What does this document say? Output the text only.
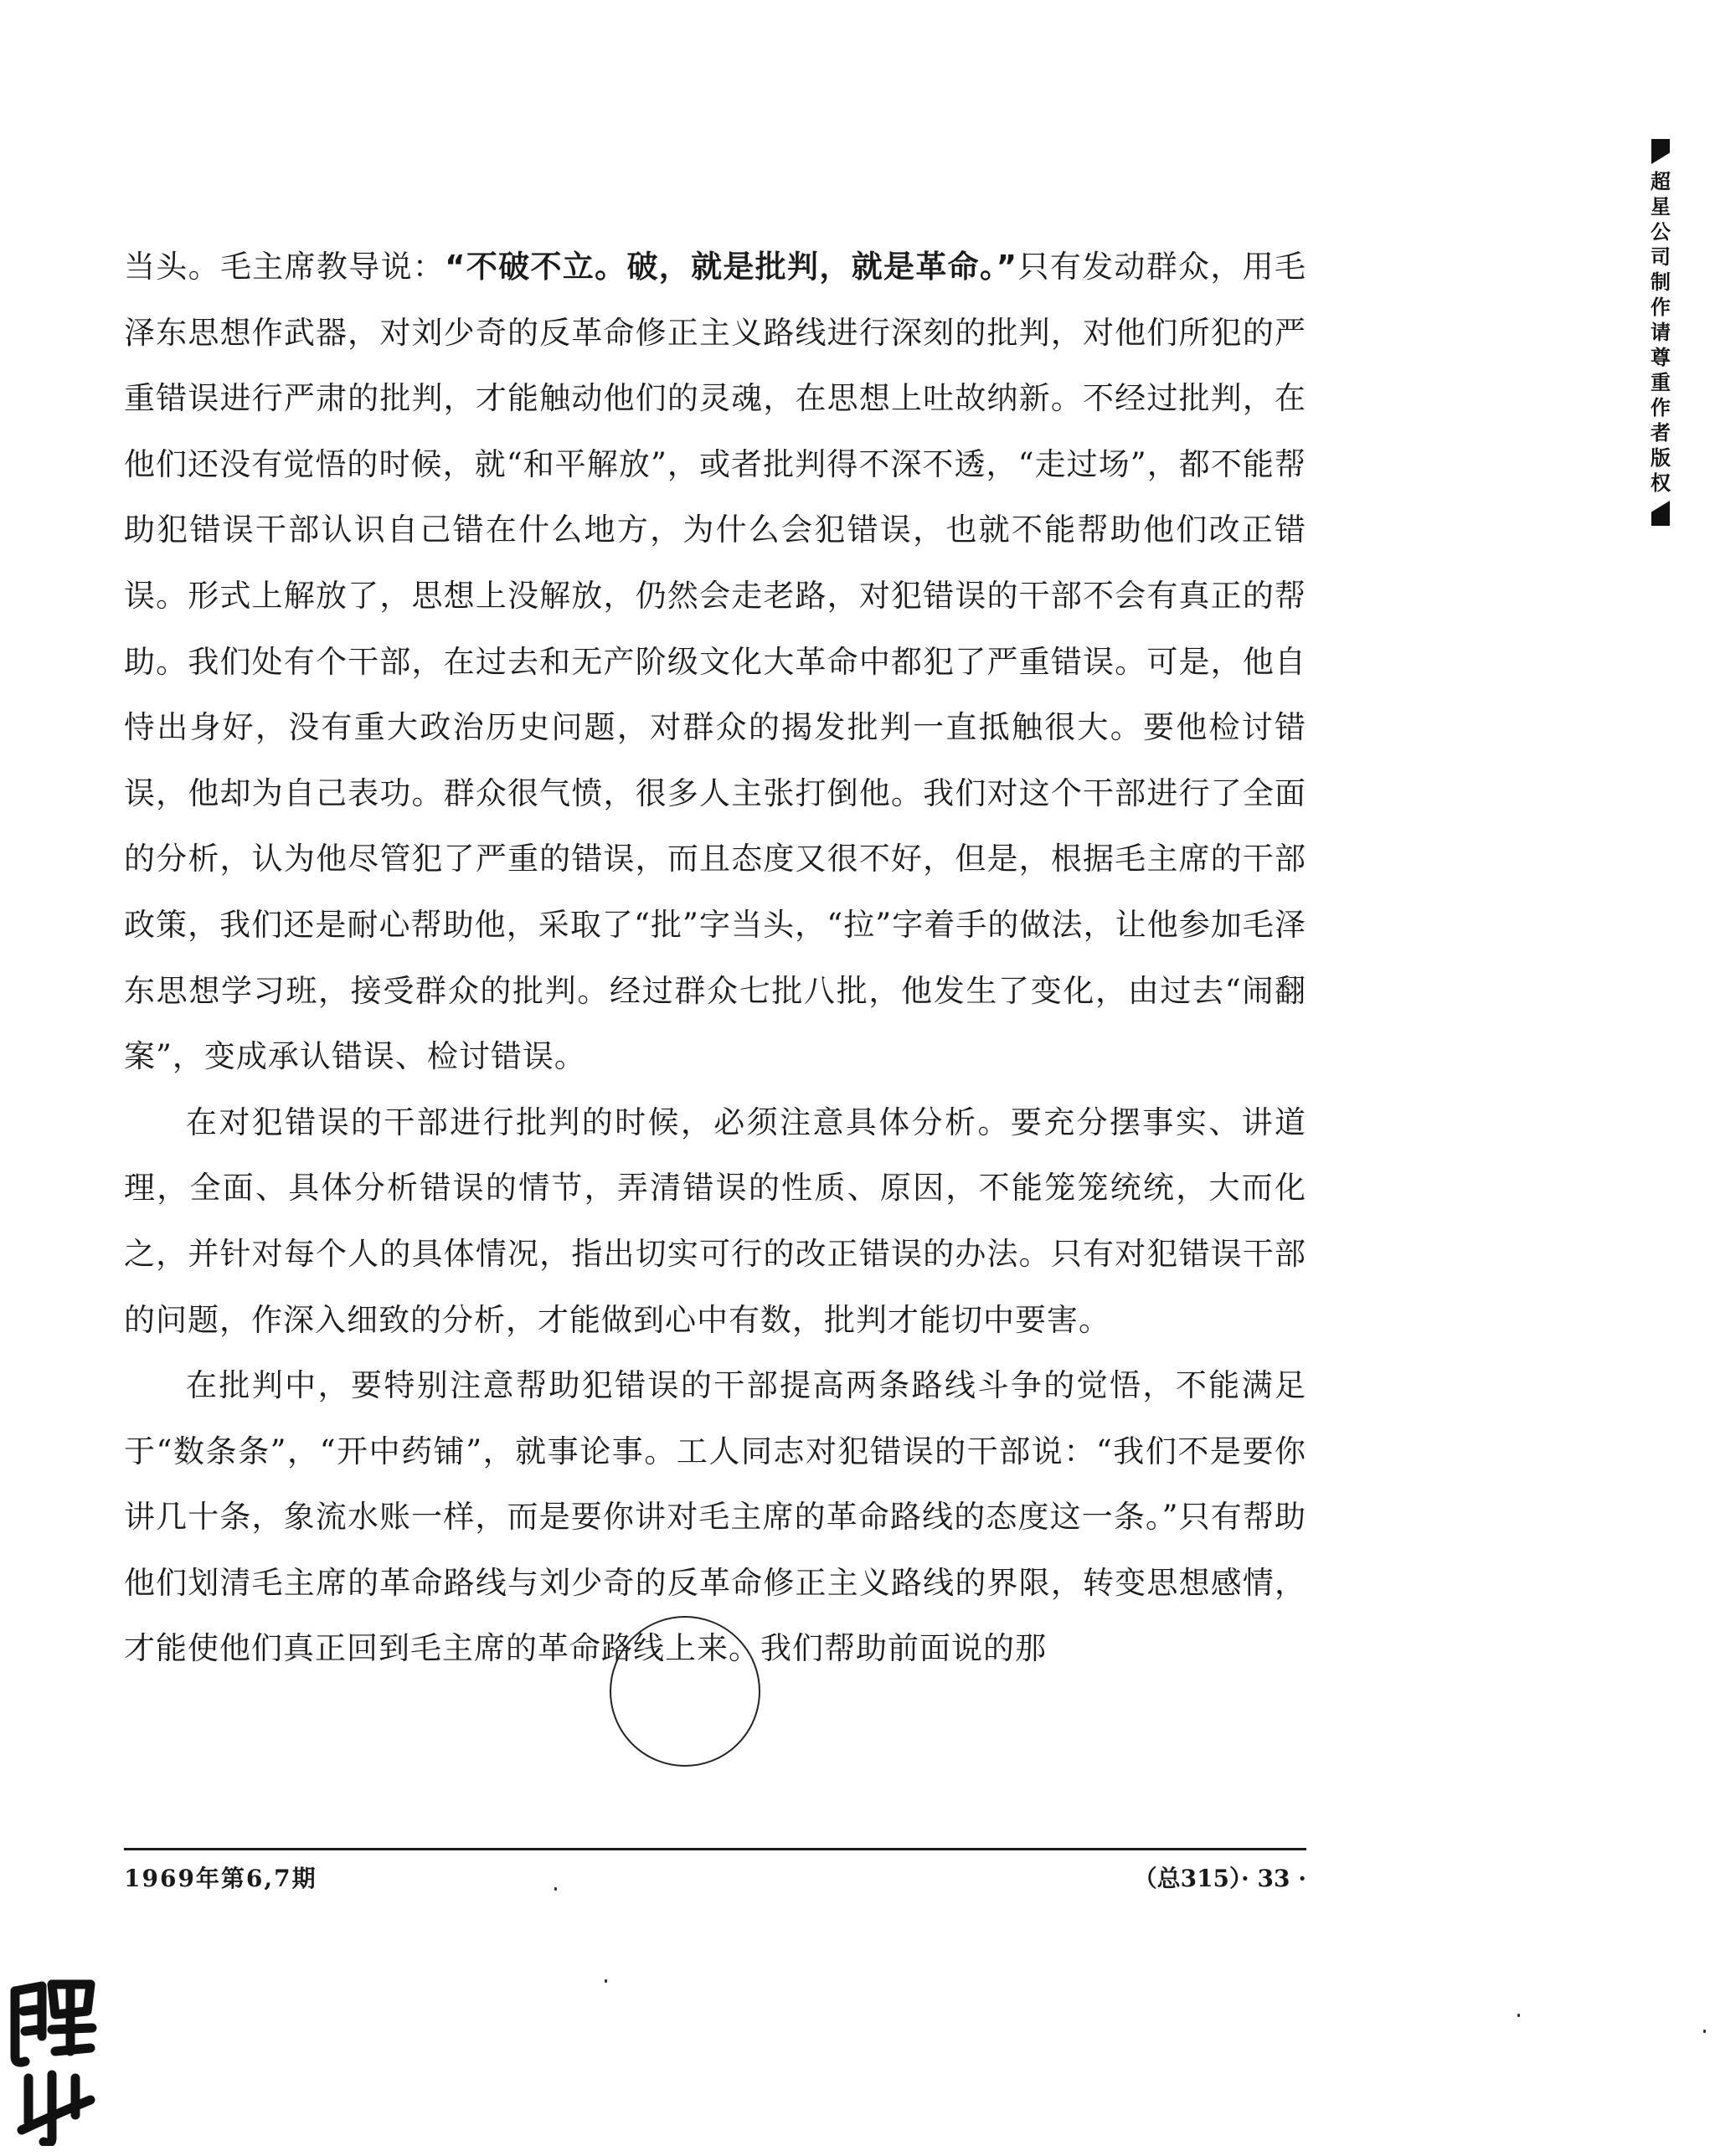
当头。毛主席教导说：“不破不立。破，就是批判，就是革命。”只有发动群众，用毛泽东思想作武器，对刘少奇的反革命修正主义路线进行深刻的批判，对他们所犯的严重错误进行严肃的批判，才能触动他们的灵魂，在思想上吐故纳新。不经过批判，在他们还没有觉悟的时候，就“和平解放”，或者批判得不深不透，“走过场”，都不能帮助犯错误干部认识自己错在什么地方，为什么会犯错误，也就不能帮助他们改正错误。形式上解放了，思想上没解放，仍然会走老路，对犯错误的干部不会有真正的帮助。我们处有个干部，在过去和无产阶级文化大革命中都犯了严重错误。可是，他自恃出身好，没有重大政治历史问题，对群众的揭发批判一直抵触很大。要他检讨错误，他却为自己表功。群众很气愤，很多人主张打倒他。我们对这个干部进行了全面的分析，认为他尽管犯了严重的错误，而且态度又很不好，但是，根据毛主席的干部政策，我们还是耐心帮助他，采取了“批”字当头，“拉”字着手的做法，让他参加毛泽东思想学习班，接受群众的批判。经过群众七批八批，他发生了变化，由过去“闹翻案”，变成承认错误、检讨错误。

在对犯错误的干部进行批判的时候，必须注意具体分析。要充分摆事实、讲道理，全面、具体分析错误的情节，弄清错误的性质、原因，不能笼笼统统，大而化之，并针对每个人的具体情况，指出切实可行的改正错误的办法。只有对犯错误干部的问题，作深入细致的分析，才能做到心中有数，批判才能切中要害。

在批判中，要特别注意帮助犯错误的干部提高两条路线斗争的觉悟，不能满足于“数条条”，“开中药铺”，就事论事。工人同志对犯错误的干部说：“我们不是要你讲几十条，象流水账一样，而是要你讲对毛主席的革命路线的态度这一条。”只有帮助他们划清毛主席的革命路线与刘少奇的反革命修正主义路线的界限，转变思想感情，才能使他们真正回到毛主席的革命路线上来。我们帮助前面说的那

1969年第6,7期	（总315）· 33 ·
超星公司制作 请尊重作者版权
